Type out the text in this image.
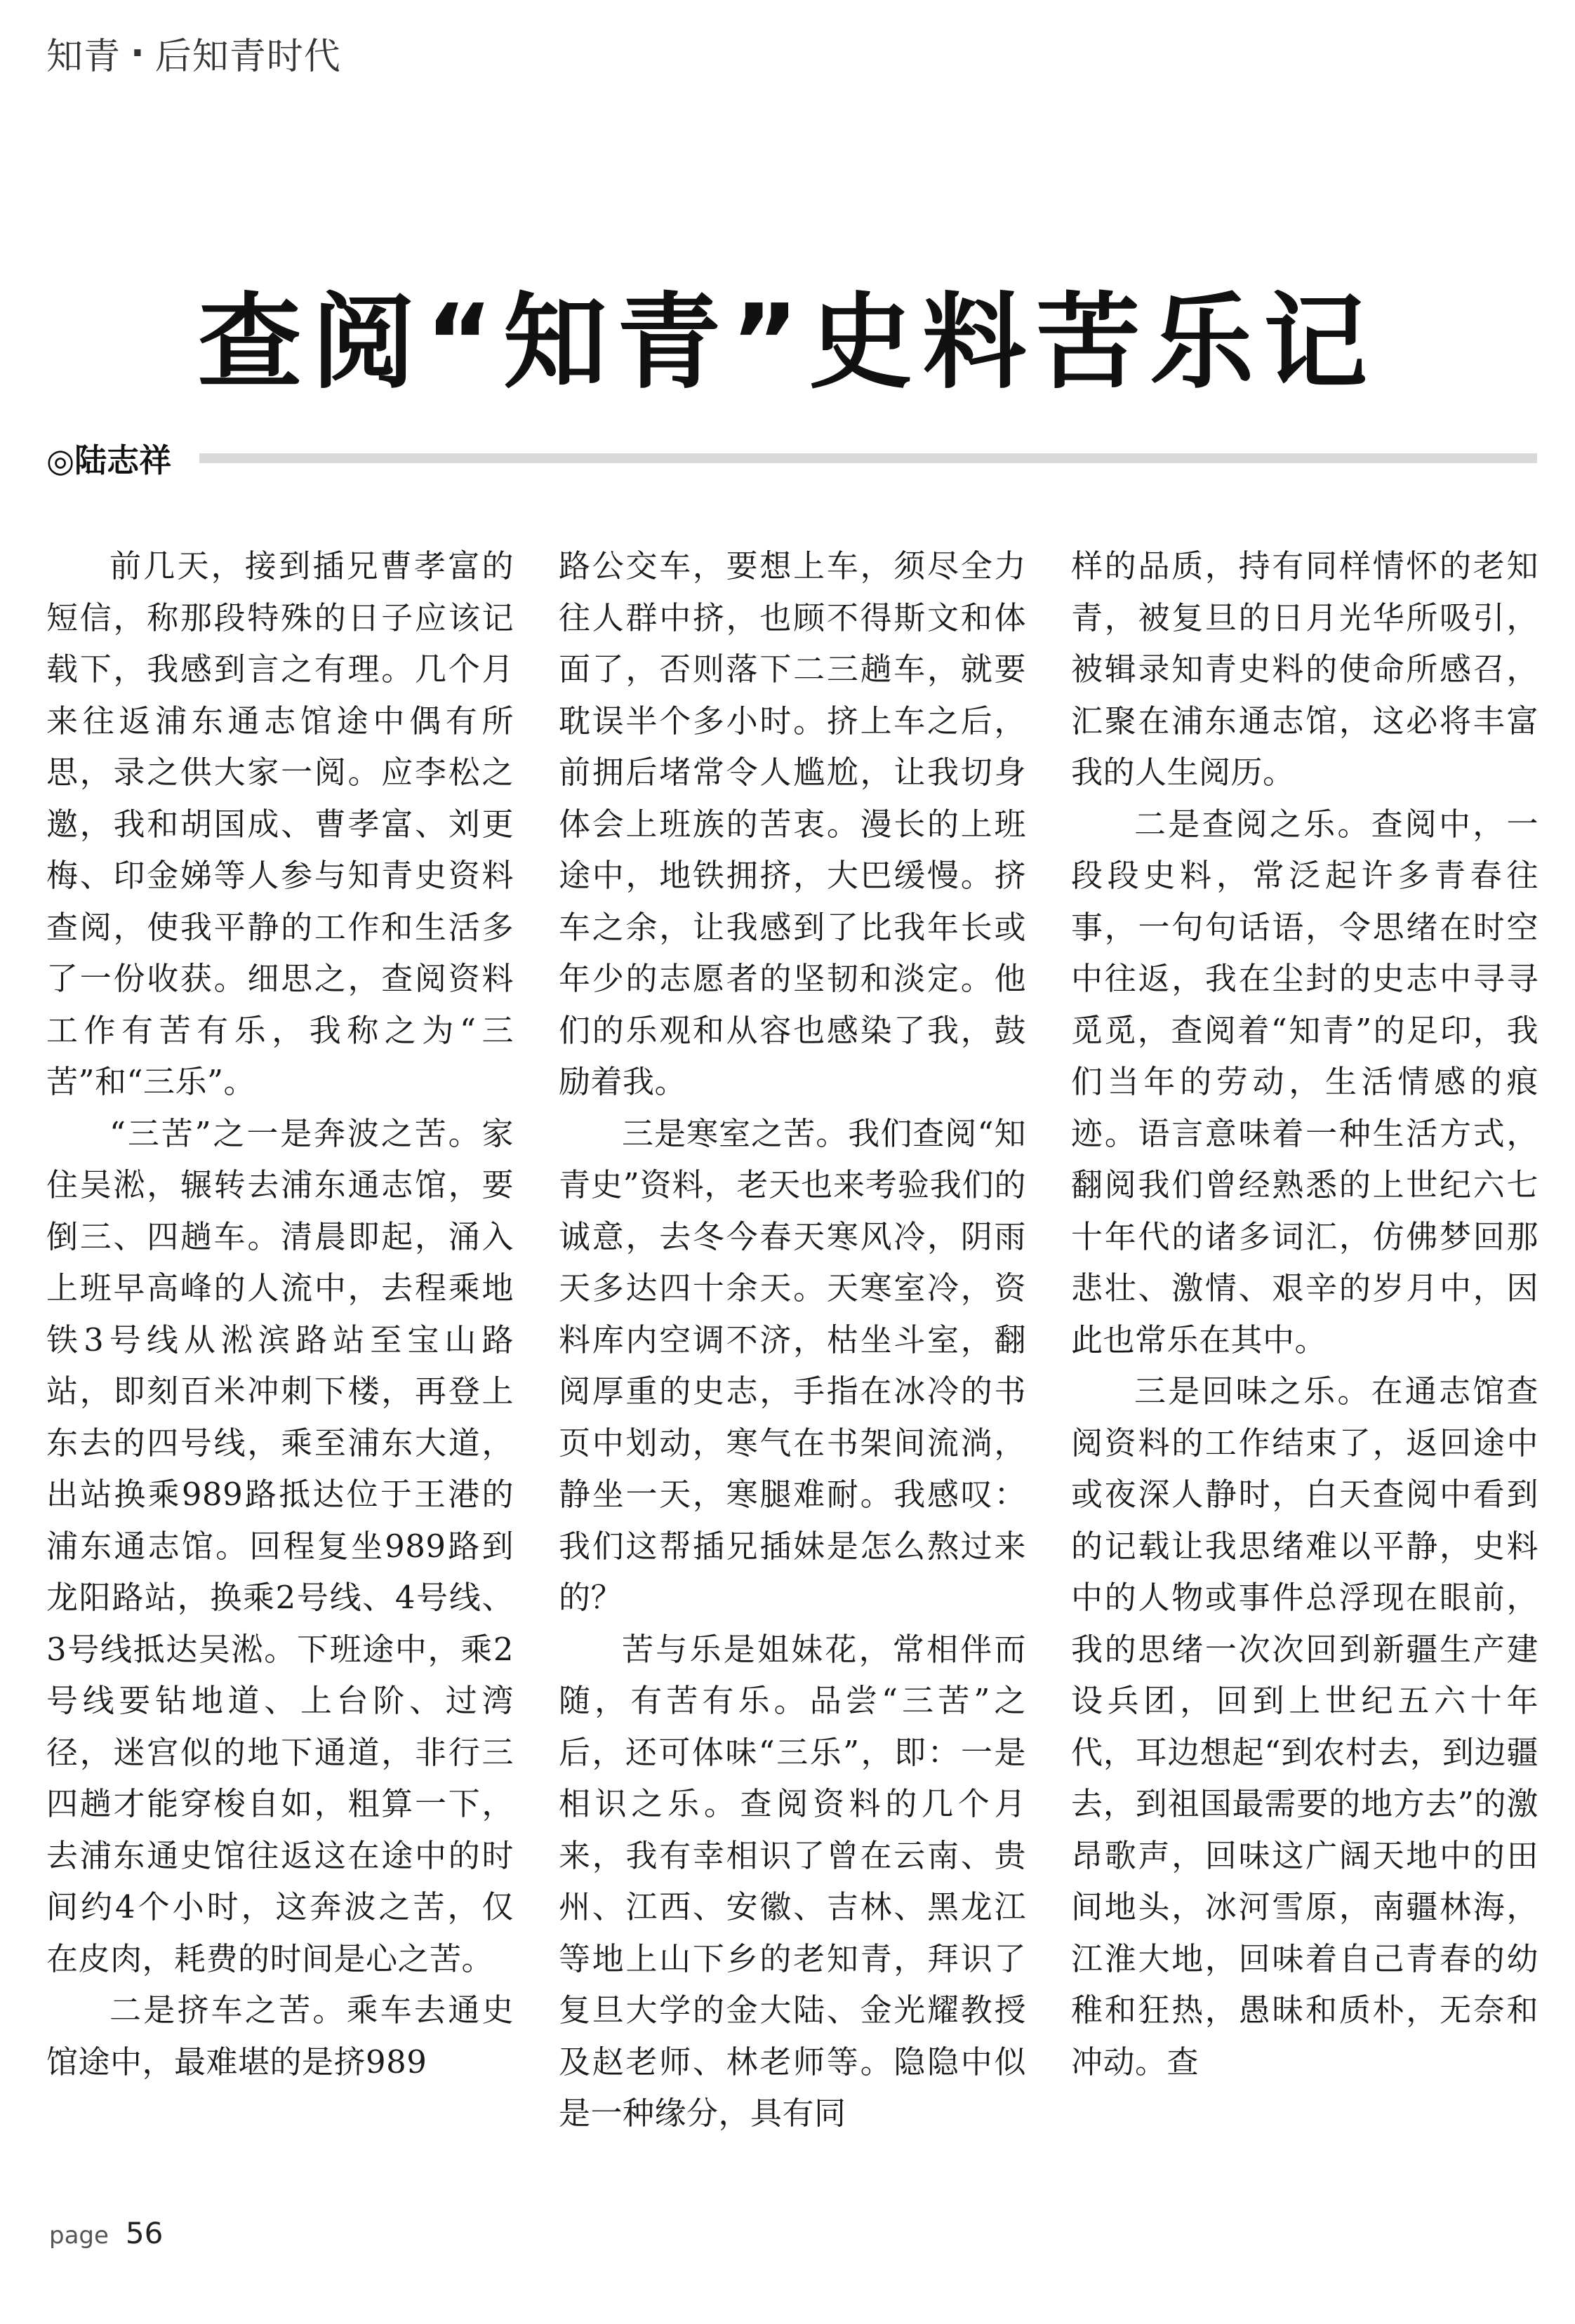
知青 · 后知青时代
查阅“知青”史料苦乐记
◎陆志祥

前几天，接到插兄曹孝富的短信，称那段特殊的日子应该记载下，我感到言之有理。几个月来往返浦东通志馆途中偶有所思，录之供大家一阅。应李松之邀，我和胡国成、曹孝富、刘更梅、印金娣等人参与知青史资料查阅，使我平静的工作和生活多了一份收获。细思之，查阅资料工作有苦有乐，我称之为“三苦”和“三乐”。

“三苦”之一是奔波之苦。家住吴淞，辗转去浦东通志馆，要倒三、四趟车。清晨即起，涌入上班早高峰的人流中，去程乘地铁3号线从淞滨路站至宝山路站，即刻百米冲刺下楼，再登上东去的四号线，乘至浦东大道，出站换乘989路抵达位于王港的浦东通志馆。回程复坐989路到龙阳路站，换乘2号线、4号线、3号线抵达吴淞。下班途中，乘2号线要钻地道、上台阶、过湾径，迷宫似的地下通道，非行三四趟才能穿梭自如，粗算一下，去浦东通史馆往返这在途中的时间约4个小时，这奔波之苦，仅在皮肉，耗费的时间是心之苦。

二是挤车之苦。乘车去通史馆途中，最难堪的是挤989

路公交车，要想上车，须尽全力往人群中挤，也顾不得斯文和体面了，否则落下二三趟车，就要耽误半个多小时。挤上车之后，前拥后堵常令人尴尬，让我切身体会上班族的苦衷。漫长的上班途中，地铁拥挤，大巴缓慢。挤车之余，让我感到了比我年长或年少的志愿者的坚韧和淡定。他们的乐观和从容也感染了我，鼓励着我。

三是寒室之苦。我们查阅“知青史”资料，老天也来考验我们的诚意，去冬今春天寒风冷，阴雨天多达四十余天。天寒室冷，资料库内空调不济，枯坐斗室，翻阅厚重的史志，手指在冰冷的书页中划动，寒气在书架间流淌，静坐一天，寒腿难耐。我感叹：我们这帮插兄插妹是怎么熬过来的？

苦与乐是姐妹花，常相伴而随，有苦有乐。品尝“三苦”之后，还可体味“三乐”，即：一是相识之乐。查阅资料的几个月来，我有幸相识了曾在云南、贵州、江西、安徽、吉林、黑龙江等地上山下乡的老知青，拜识了复旦大学的金大陆、金光耀教授及赵老师、林老师等。隐隐中似是一种缘分，具有同

样的品质，持有同样情怀的老知青，被复旦的日月光华所吸引，被辑录知青史料的使命所感召，汇聚在浦东通志馆，这必将丰富我的人生阅历。

二是查阅之乐。查阅中，一段段史料，常泛起许多青春往事，一句句话语，令思绪在时空中往返，我在尘封的史志中寻寻觅觅，查阅着“知青”的足印，我们当年的劳动，生活情感的痕迹。语言意味着一种生活方式，翻阅我们曾经熟悉的上世纪六七十年代的诸多词汇，仿佛梦回那悲壮、激情、艰辛的岁月中，因此也常乐在其中。

三是回味之乐。在通志馆查阅资料的工作结束了，返回途中或夜深人静时，白天查阅中看到的记载让我思绪难以平静，史料中的人物或事件总浮现在眼前，我的思绪一次次回到新疆生产建设兵团，回到上世纪五六十年代，耳边想起“到农村去，到边疆去，到祖国最需要的地方去”的激昂歌声，回味这广阔天地中的田间地头，冰河雪原，南疆林海，江淮大地，回味着自己青春的幼稚和狂热，愚昧和质朴，无奈和冲动。查

page 56
